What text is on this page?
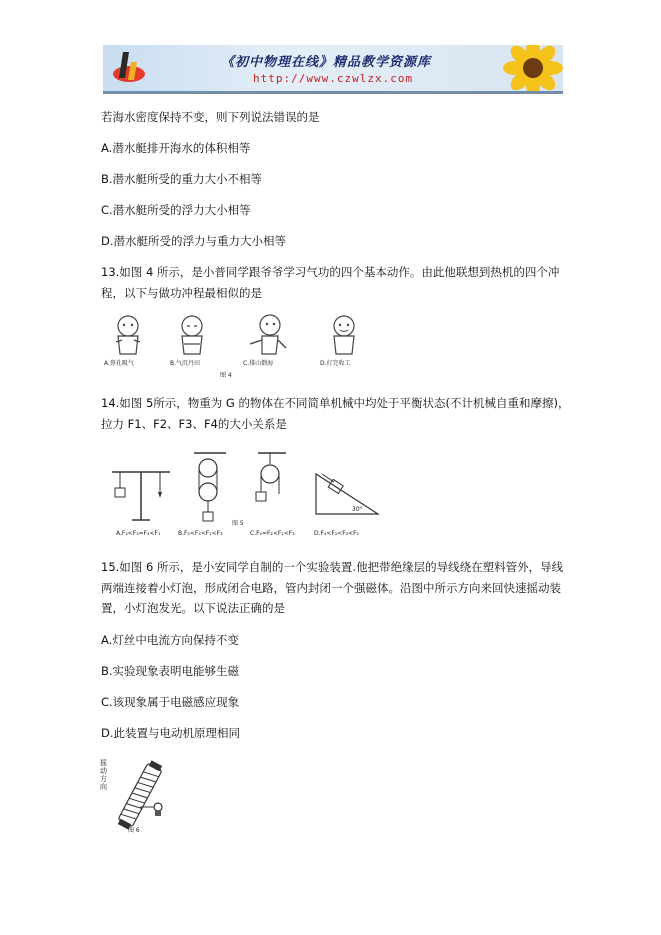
《初中物理在线》精品教学资源库
http://www.czwlzx.com
若海水密度保持不变，则下列说法错误的是
A.潜水艇排开海水的体积相等
B.潜水艇所受的重力大小不相等
C.潜水艇所受的浮力大小相等
D.潜水艇所受的浮力与重力大小相等
13.如图 4 所示，是小普同学跟爷爷学习气功的四个基本动作。由此他联想到热机的四个冲
程，以下与做功冲程最相似的是
A.鼻孔吸气	B.气沉丹田	C.排山倒海	D.打完收工
图 4
14.如图 5所示，物重为 G 的物体在不同简单机械中均处于平衡状态(不计机械自重和摩擦)，
拉力 F1、F2、F3、F4的大小关系是
30°
A.F₂<F₃=F₄<F₁	B.F₂<F₄<F₁<F₃	C.F₄=F₂<F₁<F₃	D.F₄<F₂<F₃<F₁
图 5
15.如图 6 所示，是小安同学自制的一个实验装置.他把带绝缘层的导线绕在塑料管外，导线
两端连接着小灯泡，形成闭合电路，管内封闭一个强磁体。沿图中所示方向来回快速摇动装
置，小灯泡发光。以下说法正确的是
A.灯丝中电流方向保持不变
B.实验现象表明电能够生磁
C.该现象属于电磁感应现象
D.此装置与电动机原理相同
摇动方向
图 6
